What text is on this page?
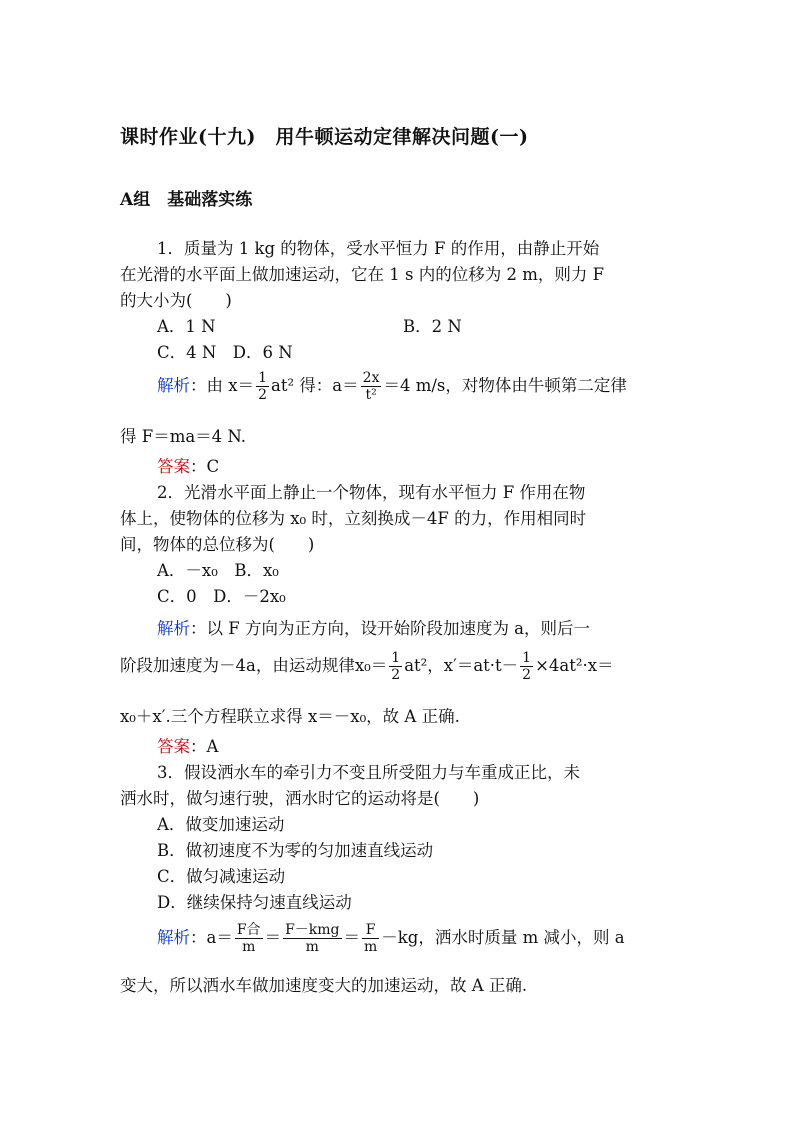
课时作业(十九)　用牛顿运动定律解决问题(一)
A组　基础落实练
1．质量为 1 kg 的物体，受水平恒力 F 的作用，由静止开始
在光滑的水平面上做加速运动，它在 1 s 内的位移为 2 m，则力 F
的大小为(　　)
A．1 N	B．2 N
C．4 N　D．6 N
解析：由 $x= \frac{1}{2} at^2$ 得：$a= \frac{2x}{\text{t²}} =4$ m/s，对物体由牛顿第二定律
得 F＝ma＝4 N.
答案：C
2．光滑水平面上静止一个物体，现有水平恒力 F 作用在物
体上，使物体的位移为 x₀ 时，立刻换成－4F 的力，作用相同时
间，物体的总位移为(　　)
A．－x₀　B．x₀
C．0　D．－2x₀
解析：以 F 方向为正方向，设开始阶段加速度为 a，则后一
阶段加速度为－4a，由运动规律$x_0= \frac{1}{2} at^2$，$x'=at\cdot t- \frac{1}{2} \times 4at^2\cdot x=$
x₀＋x′.三个方程联立求得 x＝－x₀，故 A 正确.
答案：A
3．假设洒水车的牵引力不变且所受阻力与车重成正比，未
洒水时，做匀速行驶，洒水时它的运动将是(　　)
A．做变加速运动
B．做初速度不为零的匀加速直线运动
C．做匀减速运动
D．继续保持匀速直线运动
解析：$a= \frac{\text{F合}}{m} = \frac{\text{F－kmg}}{m} = \frac{F}{m} -kg$，洒水时质量 m 减小，则 a
变大，所以洒水车做加速度变大的加速运动，故 A 正确.
